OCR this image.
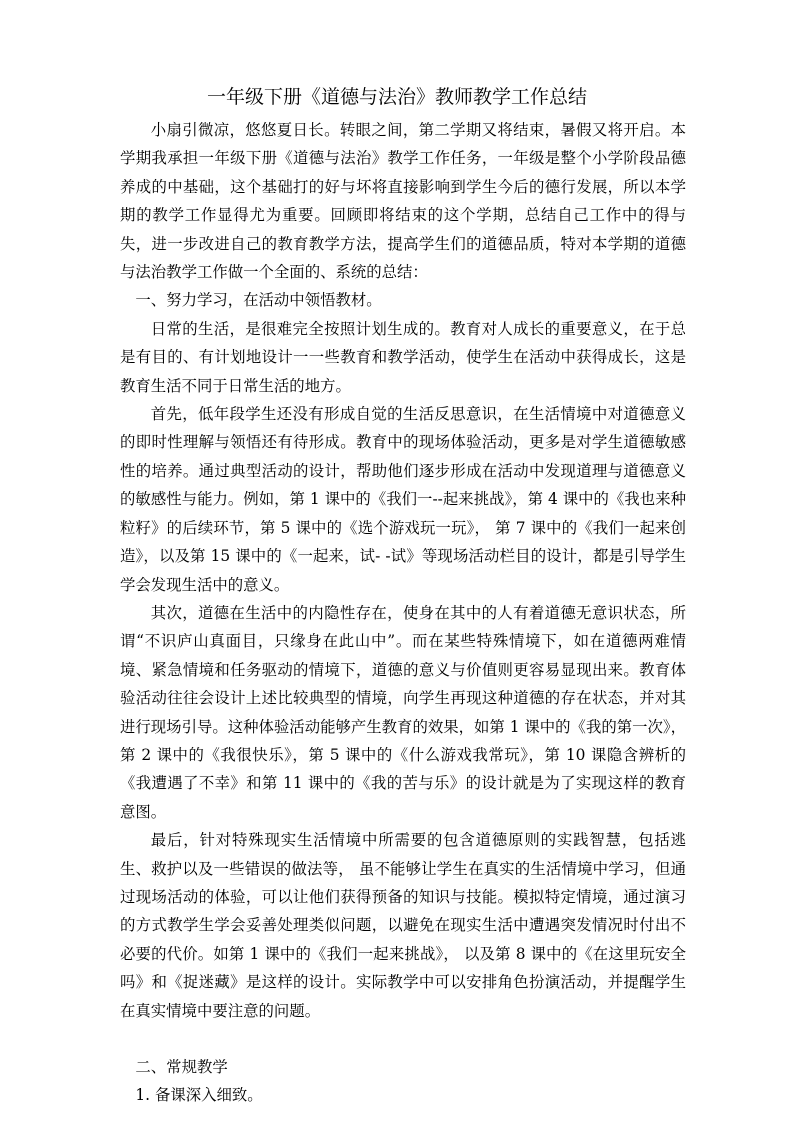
一年级下册《道德与法治》教师教学工作总结

小扇引微凉，悠悠夏日长。转眼之间，第二学期又将结束，暑假又将开启。本学期我承担一年级下册《道德与法治》教学工作任务，一年级是整个小学阶段品德养成的中基础，这个基础打的好与坏将直接影响到学生今后的德行发展，所以本学期的教学工作显得尤为重要。回顾即将结束的这个学期，总结自己工作中的得与失，进一步改进自己的教育教学方法，提高学生们的道德品质，特对本学期的道德与法治教学工作做一个全面的、系统的总结：

一、努力学习，在活动中领悟教材。

日常的生活，是很难完全按照计划生成的。教育对人成长的重要意义，在于总是有目的、有计划地设计一一些教育和教学活动，使学生在活动中获得成长，这是教育生活不同于日常生活的地方。

首先，低年段学生还没有形成自觉的生活反思意识，在生活情境中对道德意义的即时性理解与领悟还有待形成。教育中的现场体验活动，更多是对学生道德敏感性的培养。通过典型活动的设计，帮助他们逐步形成在活动中发现道理与道德意义的敏感性与能力。例如，第 1 课中的《我们一--起来挑战》，第 4 课中的《我也来种粒籽》的后续环节，第 5 课中的《选个游戏玩一玩》， 第 7 课中的《我们一起来创造》，以及第 15 课中的《一起来，试- -试》等现场活动栏目的设计，都是引导学生学会发现生活中的意义。

其次，道德在生活中的内隐性存在，使身在其中的人有着道德无意识状态，所谓“不识庐山真面目，只缘身在此山中”。而在某些特殊情境下，如在道德两难情境、紧急情境和任务驱动的情境下，道德的意义与价值则更容易显现出来。教育体验活动往往会设计上述比较典型的情境，向学生再现这种道德的存在状态，并对其进行现场引导。这种体验活动能够产生教育的效果，如第 1 课中的《我的第一次》， 第 2 课中的《我很快乐》，第 5 课中的《什么游戏我常玩》，第 10 课隐含辨析的《我遭遇了不幸》和第 11 课中的《我的苦与乐》的设计就是为了实现这样的教育意图。

最后，针对特殊现实生活情境中所需要的包含道德原则的实践智慧，包括逃生、救护以及一些错误的做法等， 虽不能够让学生在真实的生活情境中学习，但通过现场活动的体验，可以让他们获得预备的知识与技能。模拟特定情境，通过演习的方式教学生学会妥善处理类似问题，以避免在现实生活中遭遇突发情况时付出不必要的代价。如第 1 课中的《我们一起来挑战》， 以及第 8 课中的《在这里玩安全吗》和《捉迷藏》是这样的设计。实际教学中可以安排角色扮演活动，并提醒学生在真实情境中要注意的问题。

二、常规教学

1. 备课深入细致。
